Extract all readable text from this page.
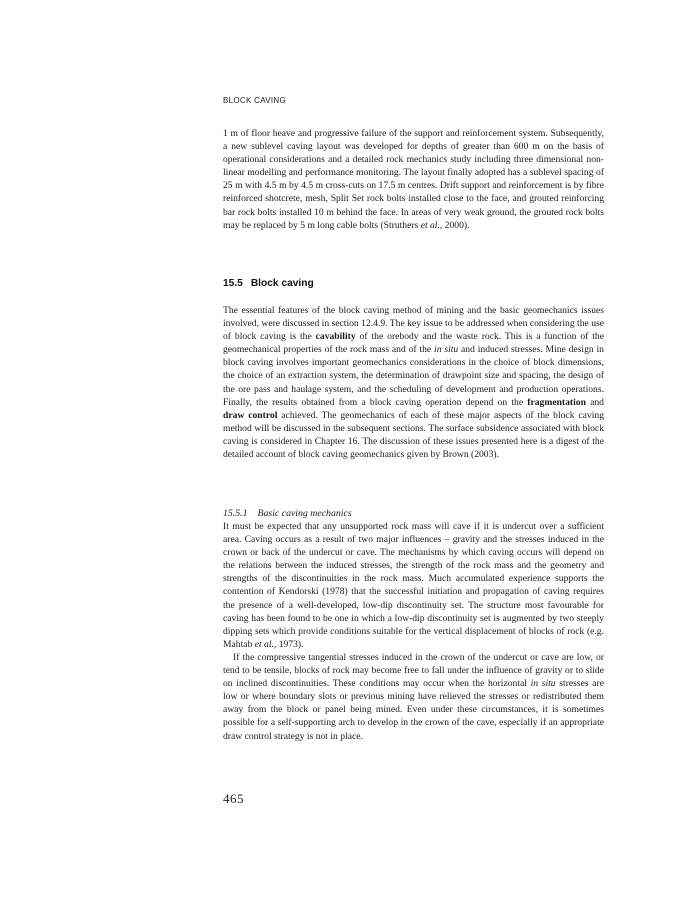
BLOCK CAVING

1 m of floor heave and progressive failure of the support and reinforcement system. Subsequently, a new sublevel caving layout was developed for depths of greater than 600 m on the basis of operational considerations and a detailed rock mechanics study including three dimensional non-linear modelling and performance monitoring. The layout finally adopted has a sublevel spacing of 25 m with 4.5 m by 4.5 m cross-cuts on 17.5 m centres. Drift support and reinforcement is by fibre reinforced shotcrete, mesh, Split Set rock bolts installed close to the face, and grouted reinforcing bar rock bolts installed 10 m behind the face. In areas of very weak ground, the grouted rock bolts may be replaced by 5 m long cable bolts (Struthers et al., 2000).

15.5 Block caving

The essential features of the block caving method of mining and the basic geomechanics issues involved, were discussed in section 12.4.9. The key issue to be addressed when considering the use of block caving is the cavability of the orebody and the waste rock. This is a function of the geomechanical properties of the rock mass and of the in situ and induced stresses. Mine design in block caving involves important geomechanics considerations in the choice of block dimensions, the choice of an extraction system, the determination of drawpoint size and spacing, the design of the ore pass and haulage system, and the scheduling of development and production operations. Finally, the results obtained from a block caving operation depend on the fragmentation and draw control achieved. The geomechanics of each of these major aspects of the block caving method will be discussed in the subsequent sections. The surface subsidence associated with block caving is considered in Chapter 16. The discussion of these issues presented here is a digest of the detailed account of block caving geomechanics given by Brown (2003).

15.5.1 Basic caving mechanics

It must be expected that any unsupported rock mass will cave if it is undercut over a sufficient area. Caving occurs as a result of two major influences – gravity and the stresses induced in the crown or back of the undercut or cave. The mechanisms by which caving occurs will depend on the relations between the induced stresses, the strength of the rock mass and the geometry and strengths of the discontinuities in the rock mass. Much accumulated experience supports the contention of Kendorski (1978) that the successful initiation and propagation of caving requires the presence of a well-developed, low-dip discontinuity set. The structure most favourable for caving has been found to be one in which a low-dip discontinuity set is augmented by two steeply dipping sets which provide conditions suitable for the vertical displacement of blocks of rock (e.g. Mahtab et al., 1973).

If the compressive tangential stresses induced in the crown of the undercut or cave are low, or tend to be tensile, blocks of rock may become free to fall under the influence of gravity or to slide on inclined discontinuities. These conditions may occur when the horizontal in situ stresses are low or where boundary slots or previous mining have relieved the stresses or redistributed them away from the block or panel being mined. Even under these circumstances, it is sometimes possible for a self-supporting arch to develop in the crown of the cave, especially if an appropriate draw control strategy is not in place.

465
